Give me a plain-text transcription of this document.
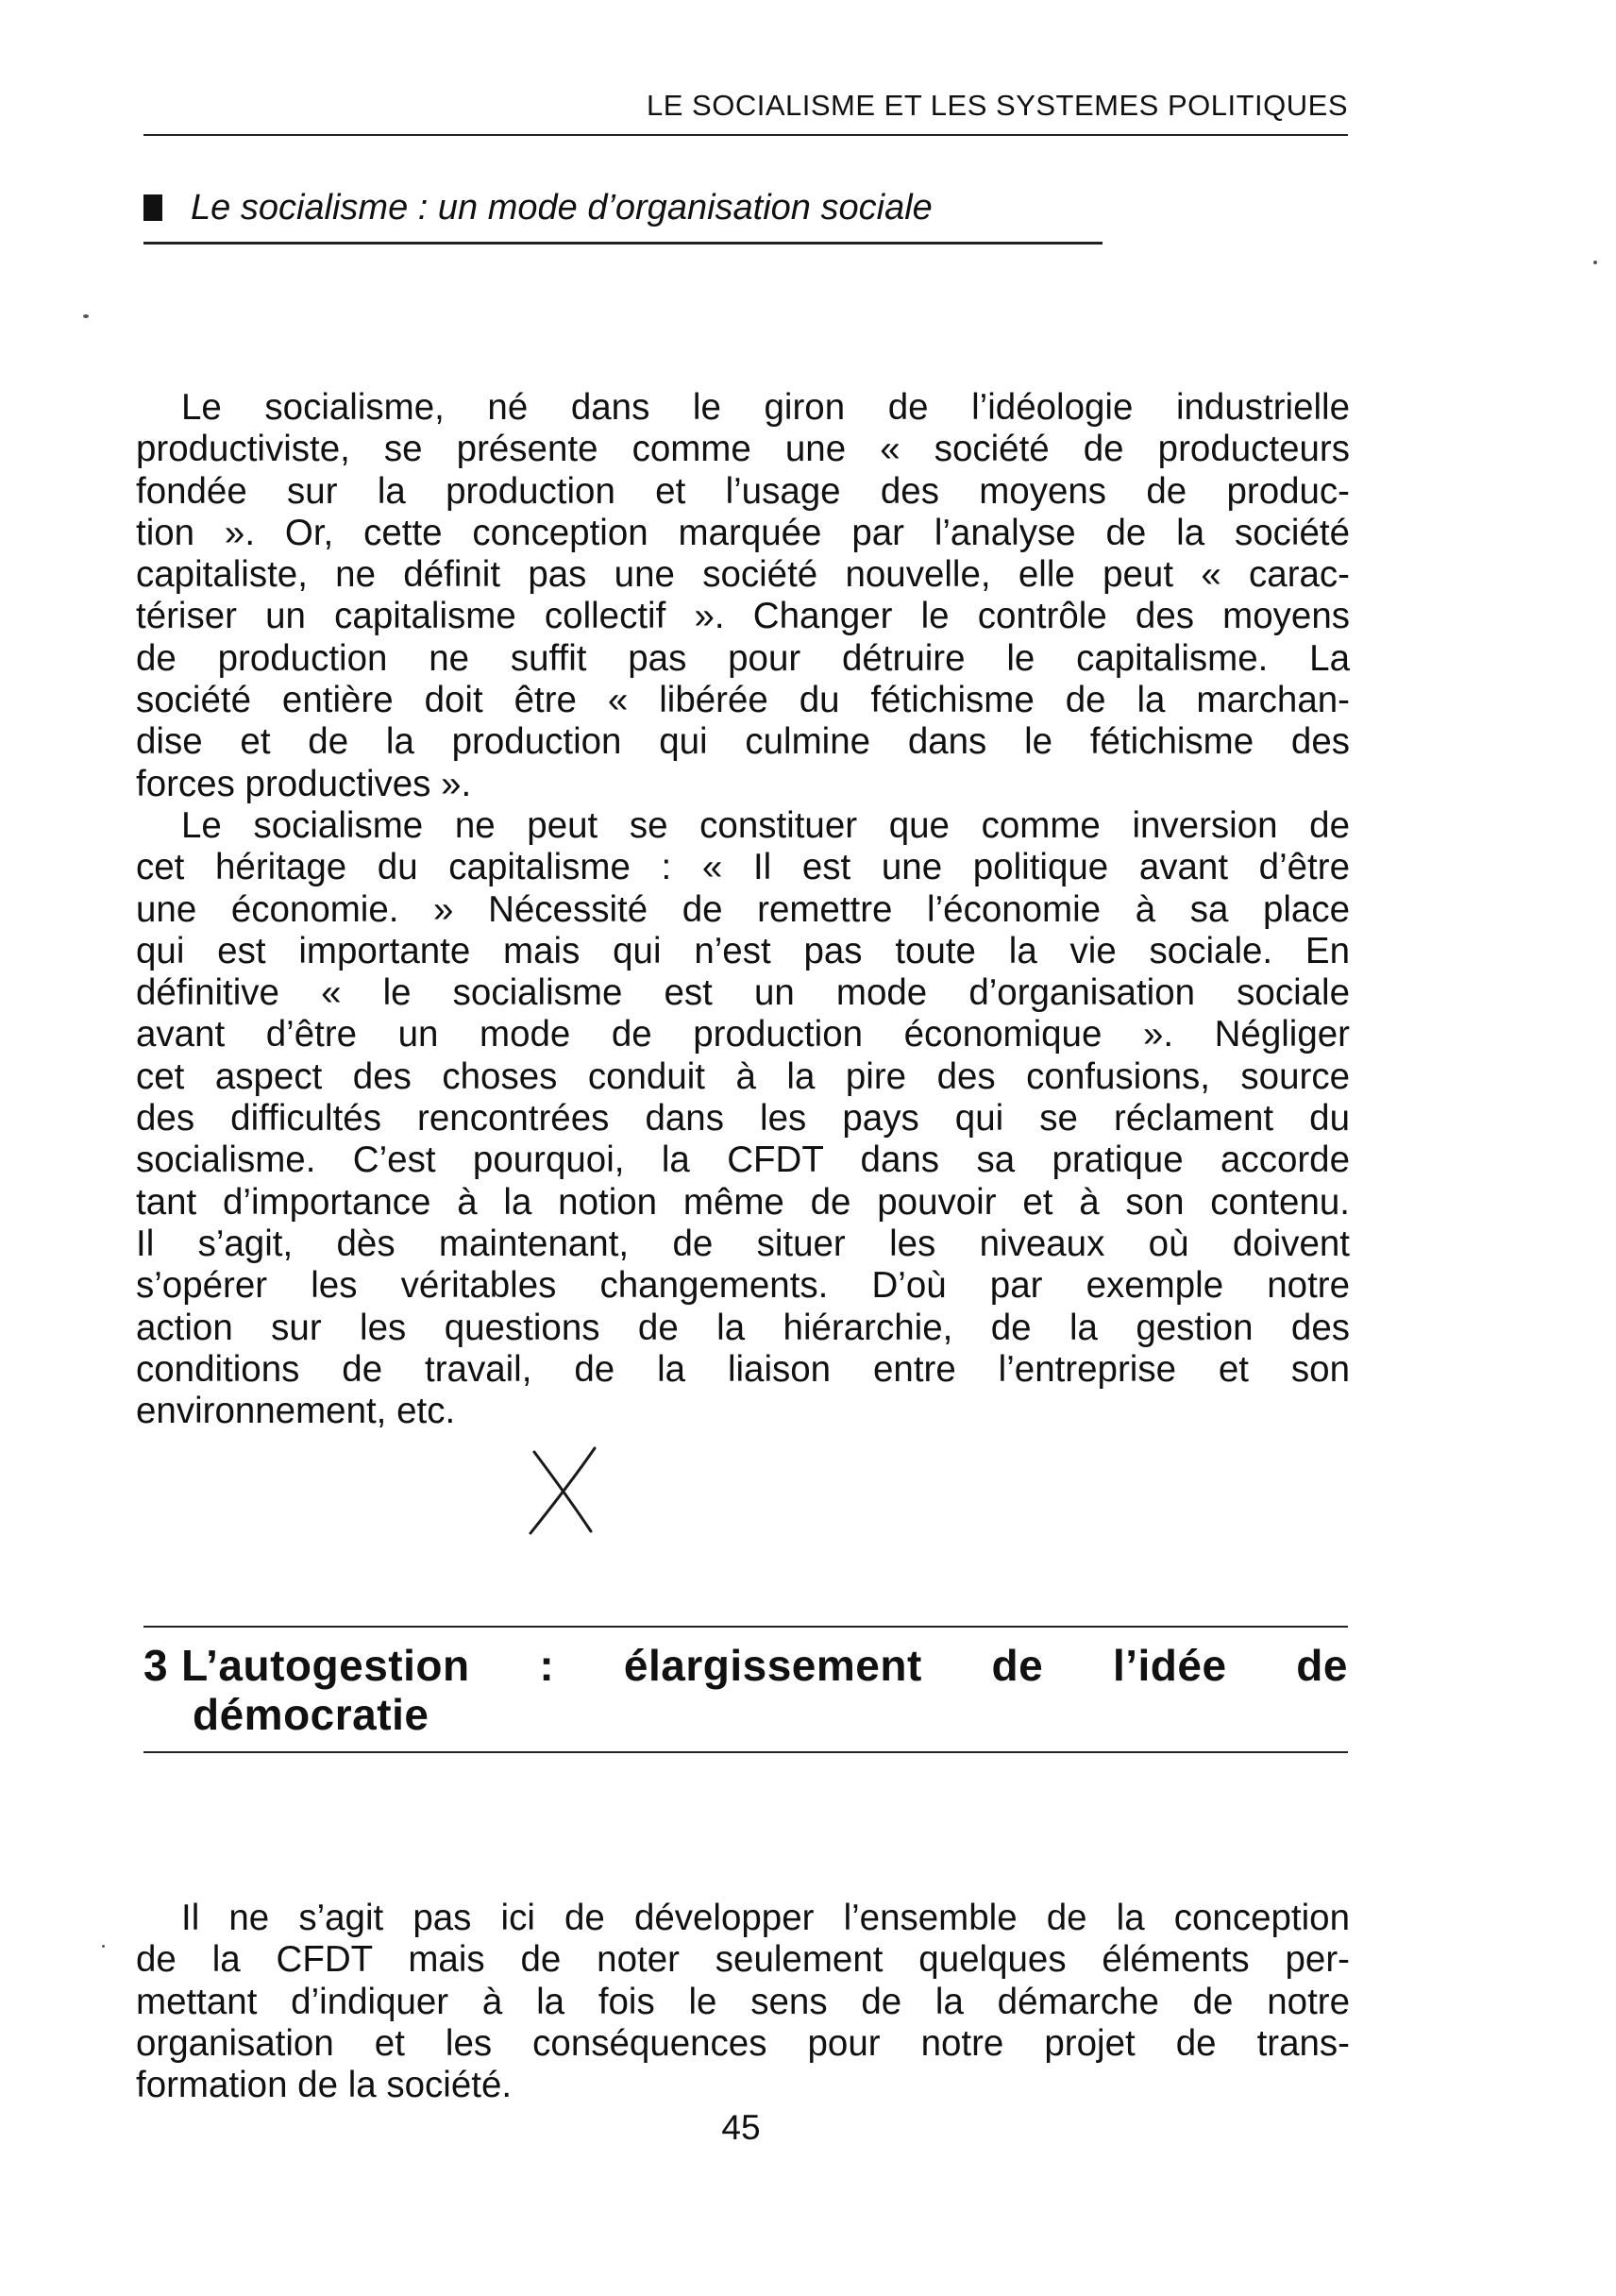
LE SOCIALISME ET LES SYSTEMES POLITIQUES
Le socialisme : un mode d’organisation sociale
Le socialisme, né dans le giron de l’idéologie industrielle
productiviste, se présente comme une « société de producteurs
fondée sur la production et l’usage des moyens de produc-
tion ». Or, cette conception marquée par l’analyse de la société
capitaliste, ne définit pas une société nouvelle, elle peut « carac-
tériser un capitalisme collectif ». Changer le contrôle des moyens
de production ne suffit pas pour détruire le capitalisme. La
société entière doit être « libérée du fétichisme de la marchan-
dise et de la production qui culmine dans le fétichisme des
forces productives ».
Le socialisme ne peut se constituer que comme inversion de
cet héritage du capitalisme : « Il est une politique avant d’être
une économie. » Nécessité de remettre l’économie à sa place
qui est importante mais qui n’est pas toute la vie sociale. En
définitive « le socialisme est un mode d’organisation sociale
avant d’être un mode de production économique ». Négliger
cet aspect des choses conduit à la pire des confusions, source
des difficultés rencontrées dans les pays qui se réclament du
socialisme. C’est pourquoi, la CFDT dans sa pratique accorde
tant d’importance à la notion même de pouvoir et à son contenu.
Il s’agit, dès maintenant, de situer les niveaux où doivent
s’opérer les véritables changements. D’où par exemple notre
action sur les questions de la hiérarchie, de la gestion des
conditions de travail, de la liaison entre l’entreprise et son
environnement, etc.
3 L’autogestion : élargissement de l’idée de
démocratie
Il ne s’agit pas ici de développer l’ensemble de la conception
de la CFDT mais de noter seulement quelques éléments per-
mettant d’indiquer à la fois le sens de la démarche de notre
organisation et les conséquences pour notre projet de trans-
formation de la société.
45
